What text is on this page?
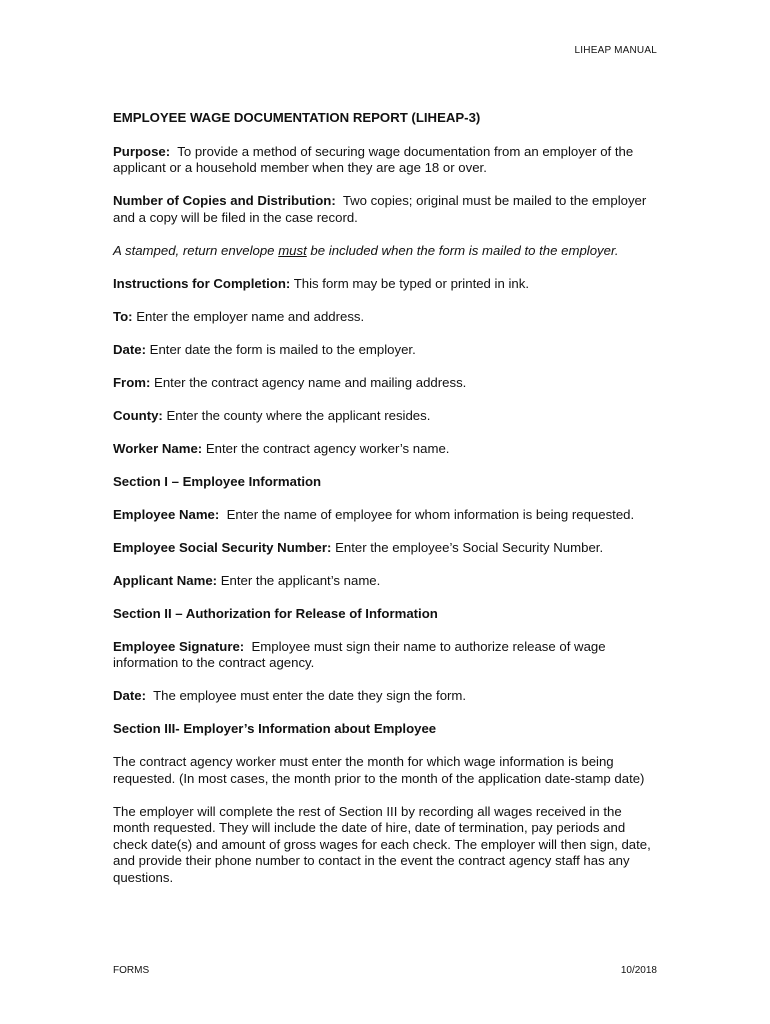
LIHEAP MANUAL
EMPLOYEE WAGE DOCUMENTATION REPORT (LIHEAP-3)

Purpose: To provide a method of securing wage documentation from an employer of the applicant or a household member when they are age 18 or over.

Number of Copies and Distribution: Two copies; original must be mailed to the employer and a copy will be filed in the case record.

A stamped, return envelope must be included when the form is mailed to the employer.

Instructions for Completion: This form may be typed or printed in ink.

To: Enter the employer name and address.

Date: Enter date the form is mailed to the employer.

From: Enter the contract agency name and mailing address.

County: Enter the county where the applicant resides.

Worker Name: Enter the contract agency worker’s name.

Section I – Employee Information

Employee Name: Enter the name of employee for whom information is being requested.

Employee Social Security Number: Enter the employee’s Social Security Number.

Applicant Name: Enter the applicant’s name.

Section II – Authorization for Release of Information

Employee Signature: Employee must sign their name to authorize release of wage information to the contract agency.

Date: The employee must enter the date they sign the form.

Section III- Employer’s Information about Employee

The contract agency worker must enter the month for which wage information is being requested. (In most cases, the month prior to the month of the application date-stamp date)

The employer will complete the rest of Section III by recording all wages received in the month requested. They will include the date of hire, date of termination, pay periods and check date(s) and amount of gross wages for each check. The employer will then sign, date, and provide their phone number to contact in the event the contract agency staff has any questions.

FORMS	10/2018
